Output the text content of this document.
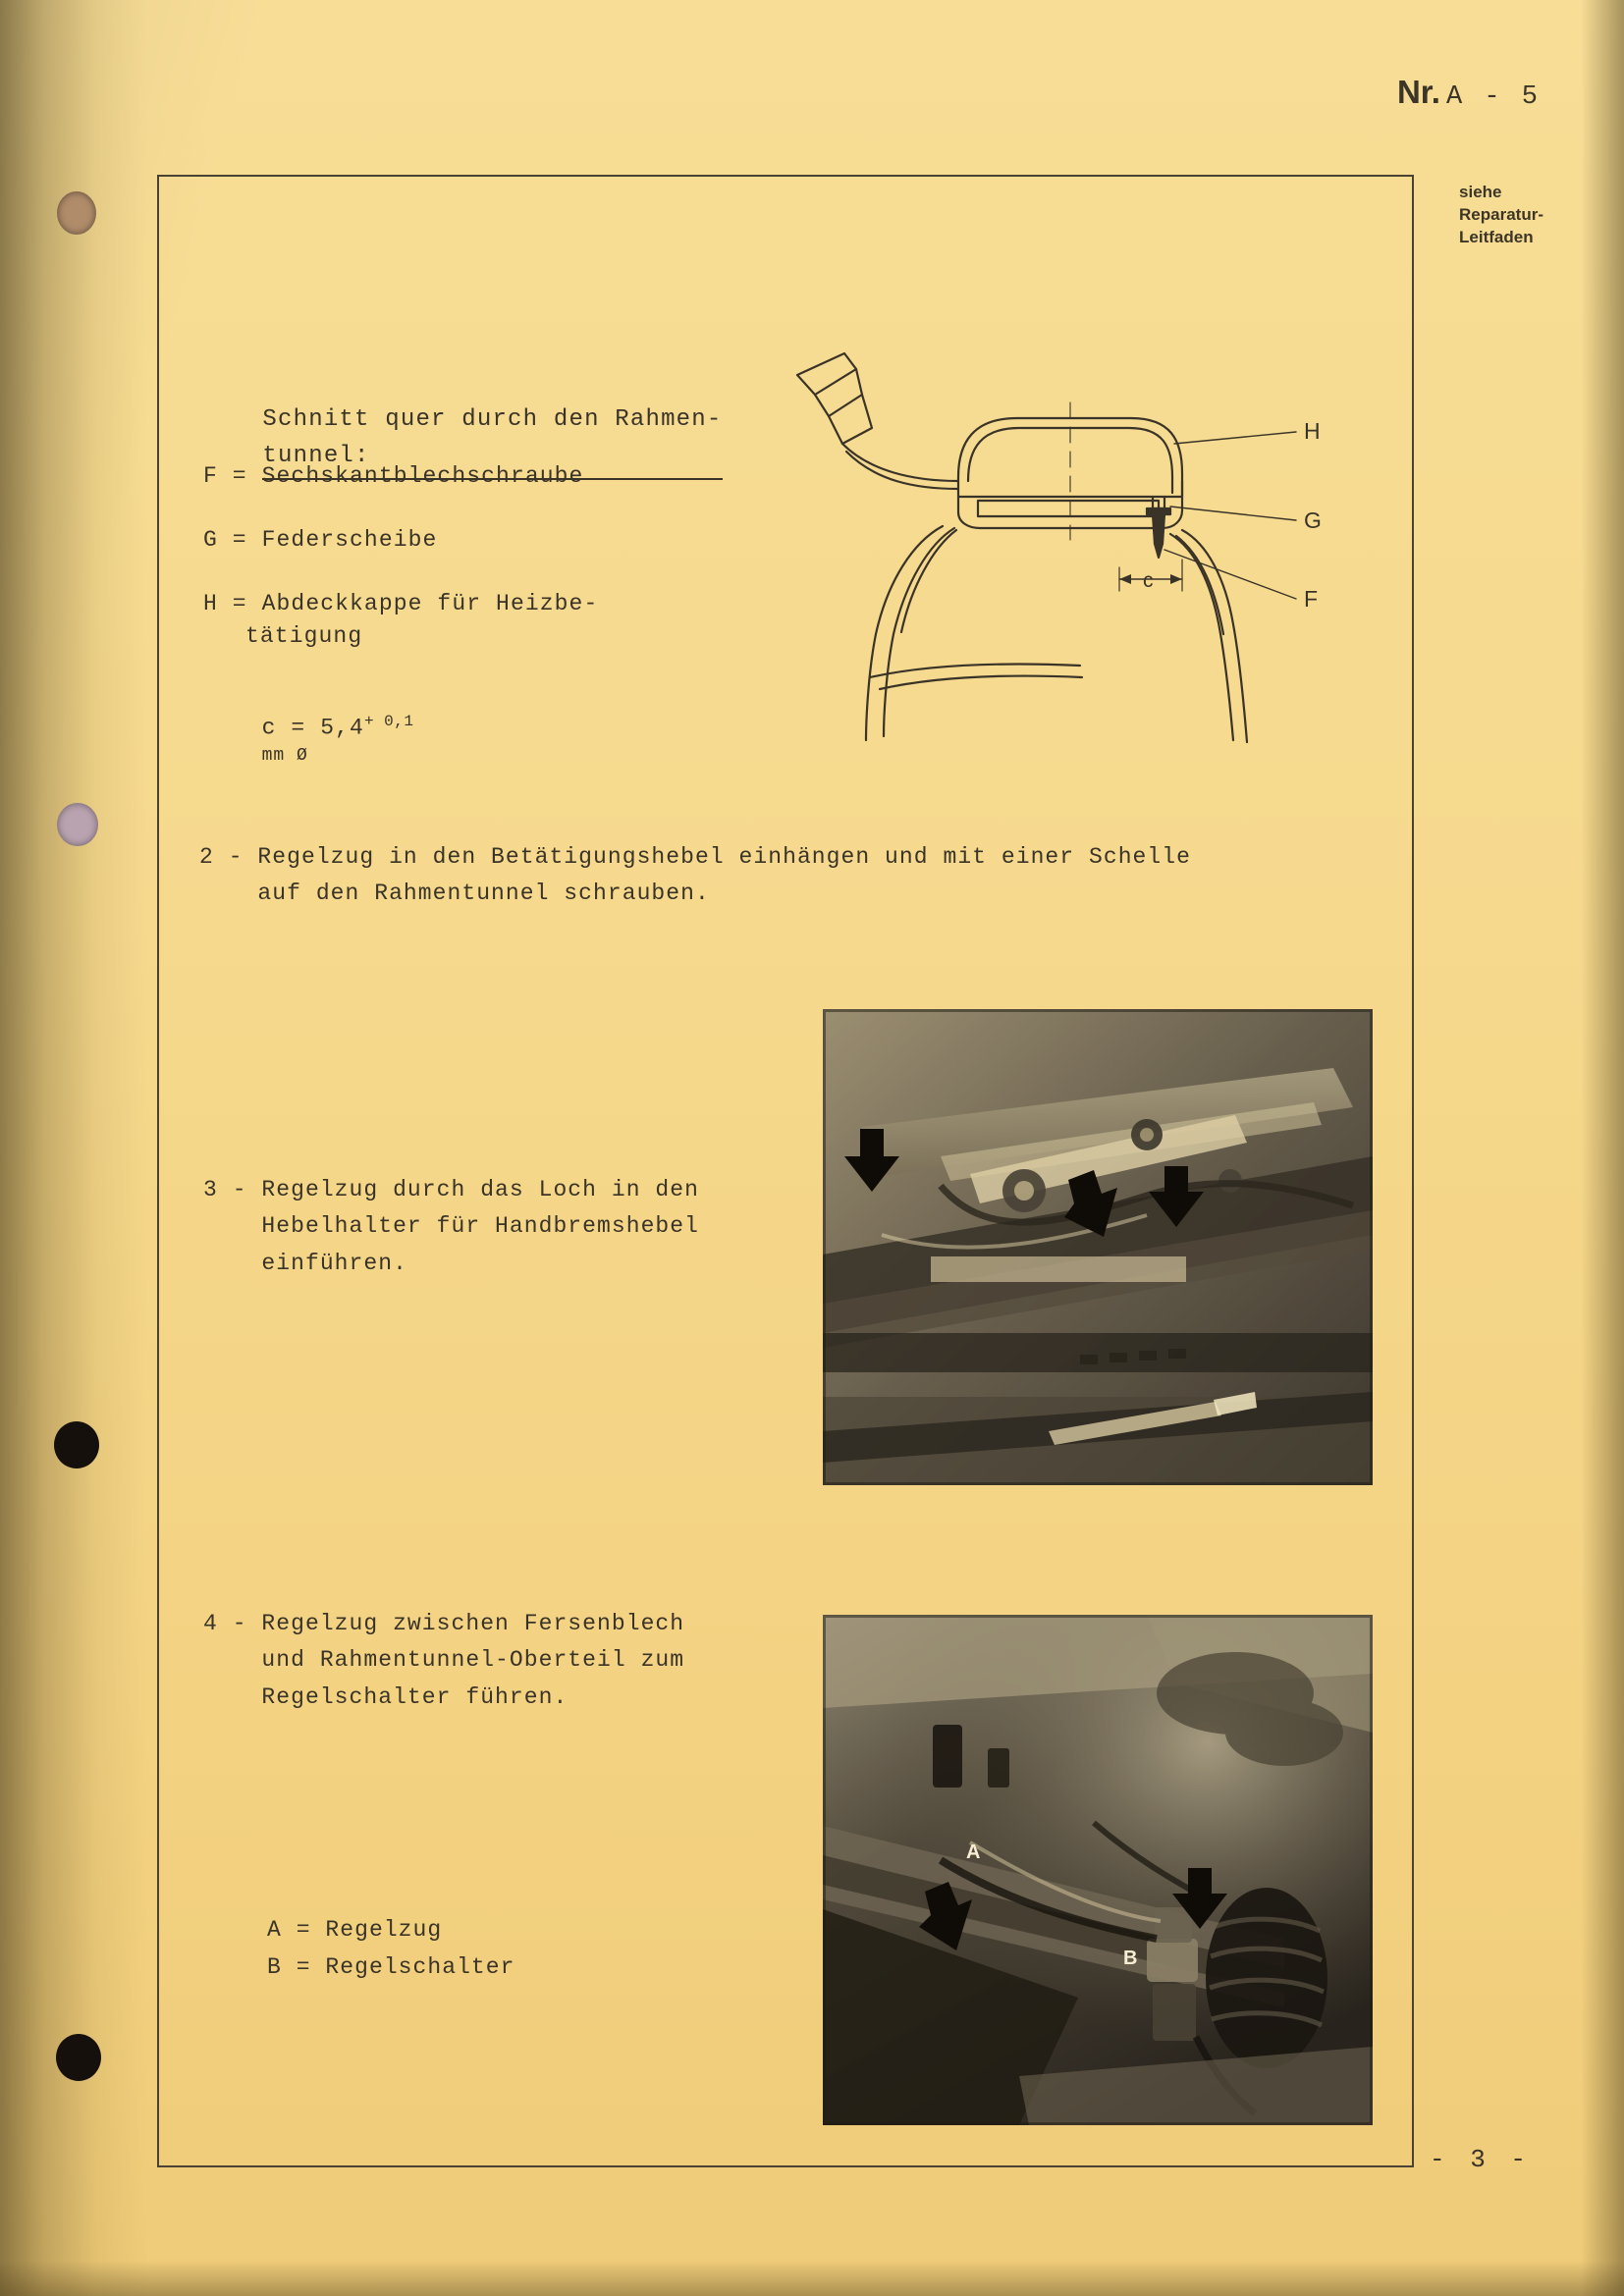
Nr. A - 5
siehe
Reparatur-
Leitfaden

Schnitt quer durch den Rahmen-
tunnel:

F = Sechskantblechschraube
G = Federscheibe
H = Abdeckkappe für Heizbe-
tätigung

$c = 5,4^{+ 0,1}$
mm Ø

H
G
F
c
2 - Regelzug in den Betätigungshebel einhängen und mit einer Schelle
auf den Rahmentunnel schrauben.
3 - Regelzug durch das Loch in den
Hebelhalter für Handbremshebel
einführen.
4 - Regelzug zwischen Fersenblech
und Rahmentunnel-Oberteil zum
Regelschalter führen.
A = Regelzug
B = Regelschalter
A
B
- 3 -
